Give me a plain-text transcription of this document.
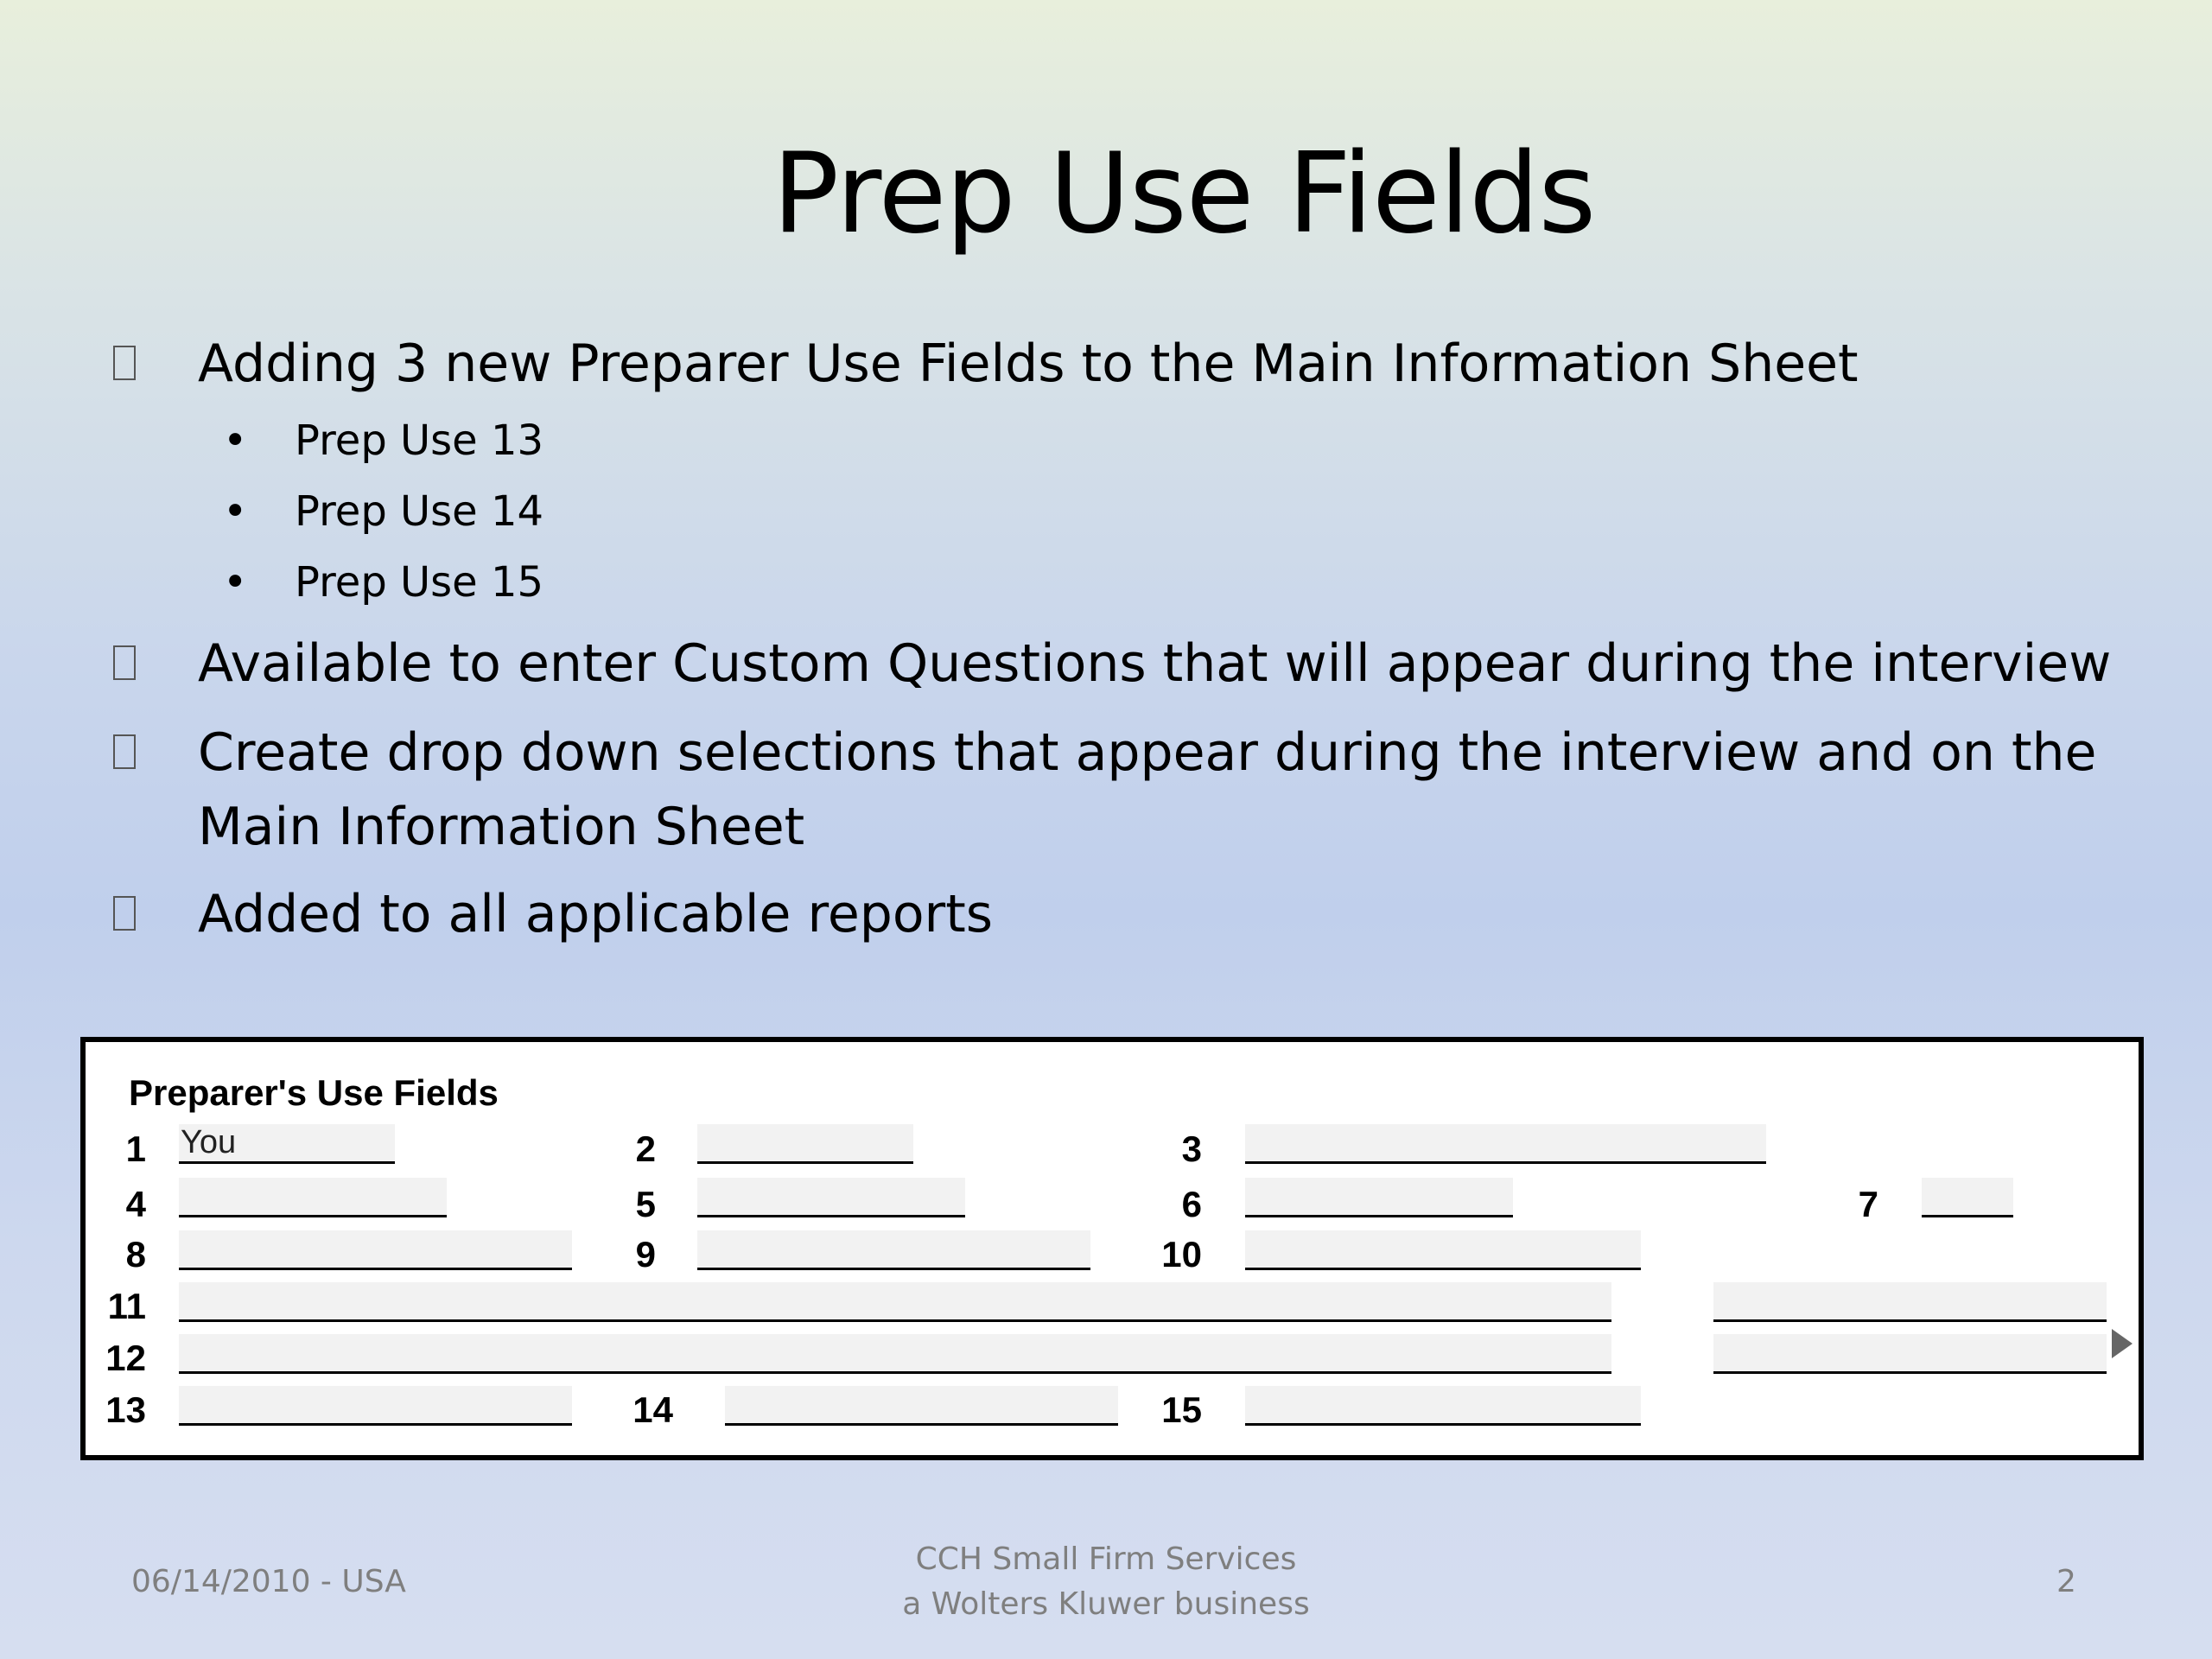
Prep Use Fields
Adding 3 new Preparer Use Fields to the Main Information Sheet
• Prep Use 13
• Prep Use 14
• Prep Use 15
Available to enter Custom Questions that will appear during the interview
Create drop down selections that appear during the interview and on the
Main Information Sheet
Added to all applicable reports
Preparer's Use Fields
1 You	2	3
4	5	6	7
8	9	10
11
12
13	14	15
06/14/2010 - USA
CCH Small Firm Services
a Wolters Kluwer business
2
